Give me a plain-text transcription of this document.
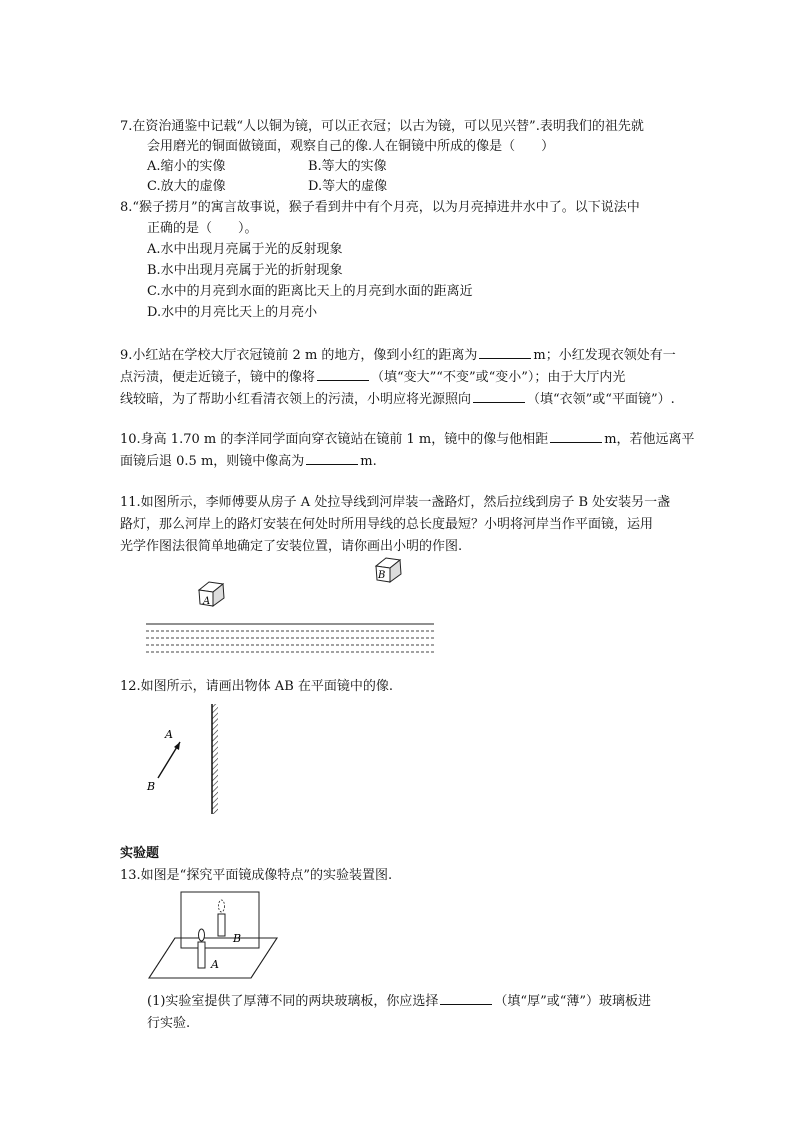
7.在资治通鉴中记载“人以铜为镜，可以正衣冠；以古为镜，可以见兴替”.表明我们的祖先就
会用磨光的铜面做镜面，观察自己的像.人在铜镜中所成的像是（　　）
A.缩小的实像	B.等大的实像
C.放大的虚像	D.等大的虚像
8.“猴子捞月”的寓言故事说，猴子看到井中有个月亮，以为月亮掉进井水中了。以下说法中
正确的是（　　）。
A.水中出现月亮属于光的反射现象
B.水中出现月亮属于光的折射现象
C.水中的月亮到水面的距离比天上的月亮到水面的距离近
D.水中的月亮比天上的月亮小
9.小红站在学校大厅衣冠镜前 2 m 的地方，像到小红的距离为	m；小红发现衣领处有一
点污渍，便走近镜子，镜中的像将	（填“变大”“不变”或“变小”）；由于大厅内光
线较暗，为了帮助小红看清衣领上的污渍，小明应将光源照向	（填“衣领”或“平面镜”）.
10.身高 1.70 m 的李洋同学面向穿衣镜站在镜前 1 m，镜中的像与他相距	m，若他远离平
面镜后退 0.5 m，则镜中像高为	m.
11.如图所示，李师傅要从房子 A 处拉导线到河岸装一盏路灯，然后拉线到房子 B 处安装另一盏
路灯，那么河岸上的路灯安装在何处时所用导线的总长度最短？小明将河岸当作平面镜，运用
光学作图法很简单地确定了安装位置，请你画出小明的作图.
A
B
12.如图所示，请画出物体 AB 在平面镜中的像.
A
B
实验题
13.如图是“探究平面镜成像特点”的实验装置图.
B
A
(1)实验室提供了厚薄不同的两块玻璃板，你应选择	（填“厚”或“薄”）玻璃板进
行实验.
